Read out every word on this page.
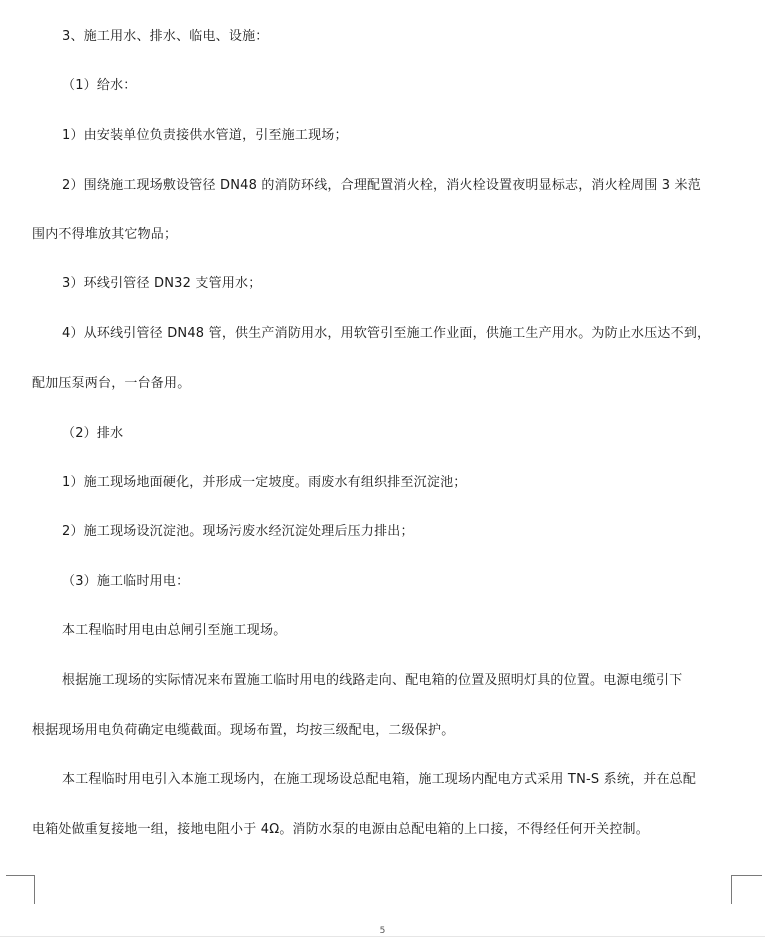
3、施工用水、排水、临电、设施：
（1）给水：
1）由安装单位负责接供水管道，引至施工现场；
2）围绕施工现场敷设管径 DN48 的消防环线，合理配置消火栓，消火栓设置夜明显标志，消火栓周围 3 米范
围内不得堆放其它物品；
3）环线引管径 DN32 支管用水；
4）从环线引管径 DN48 管，供生产消防用水，用软管引至施工作业面，供施工生产用水。为防止水压达不到，
配加压泵两台，一台备用。
（2）排水
1）施工现场地面硬化，并形成一定坡度。雨废水有组织排至沉淀池；
2）施工现场设沉淀池。现场污废水经沉淀处理后压力排出；
（3）施工临时用电：
本工程临时用电由总闸引至施工现场。
根据施工现场的实际情况来布置施工临时用电的线路走向、配电箱的位置及照明灯具的位置。电源电缆引下
根据现场用电负荷确定电缆截面。现场布置，均按三级配电，二级保护。
本工程临时用电引入本施工现场内，在施工现场设总配电箱，施工现场内配电方式采用 TN-S 系统，并在总配
电箱处做重复接地一组，接地电阻小于 4Ω。消防水泵的电源由总配电箱的上口接，不得经任何开关控制。
5
